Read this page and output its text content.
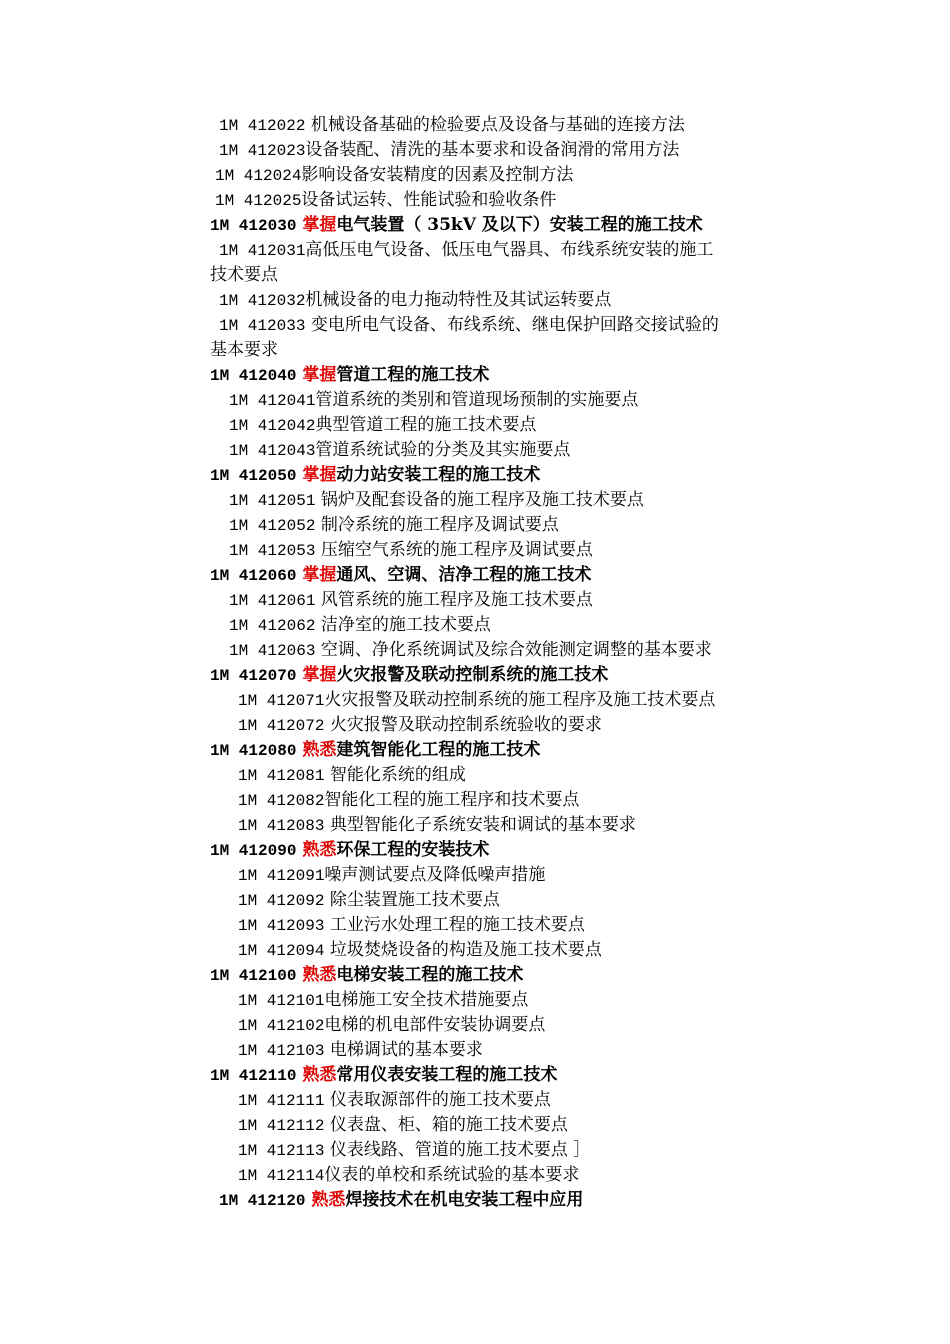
1M 412022 机械设备基础的检验要点及设备与基础的连接方法
1M 412023设备装配、清洗的基本要求和设备润滑的常用方法
1M 412024影响设备安装精度的因素及控制方法
1M 412025设备试运转、性能试验和验收条件
1M 412030 掌握电气装置（ 35kV 及以下）安装工程的施工技术
1M 412031高低压电气设备、低压电气器具、布线系统安装的施工
技术要点
1M 412032机械设备的电力拖动特性及其试运转要点
1M 412033 变电所电气设备、布线系统、继电保护回路交接试验的
基本要求
1M 412040 掌握管道工程的施工技术
1M 412041管道系统的类别和管道现场预制的实施要点
1M 412042典型管道工程的施工技术要点
1M 412043管道系统试验的分类及其实施要点
1M 412050 掌握动力站安装工程的施工技术
1M 412051 锅炉及配套设备的施工程序及施工技术要点
1M 412052 制冷系统的施工程序及调试要点
1M 412053 压缩空气系统的施工程序及调试要点
1M 412060 掌握通风、空调、洁净工程的施工技术
1M 412061 风管系统的施工程序及施工技术要点
1M 412062 洁净室的施工技术要点
1M 412063 空调、净化系统调试及综合效能测定调整的基本要求
1M 412070 掌握火灾报警及联动控制系统的施工技术
1M 412071火灾报警及联动控制系统的施工程序及施工技术要点
1M 412072 火灾报警及联动控制系统验收的要求
1M 412080 熟悉建筑智能化工程的施工技术
1M 412081 智能化系统的组成
1M 412082智能化工程的施工程序和技术要点
1M 412083 典型智能化子系统安装和调试的基本要求
1M 412090 熟悉环保工程的安装技术
1M 412091噪声测试要点及降低噪声措施
1M 412092 除尘装置施工技术要点
1M 412093 工业污水处理工程的施工技术要点
1M 412094 垃圾焚烧设备的构造及施工技术要点
1M 412100 熟悉电梯安装工程的施工技术
1M 412101电梯施工安全技术措施要点
1M 412102电梯的机电部件安装协调要点
1M 412103 电梯调试的基本要求
1M 412110 熟悉常用仪表安装工程的施工技术
1M 412111 仪表取源部件的施工技术要点
1M 412112 仪表盘、柜、箱的施工技术要点
1M 412113 仪表线路、管道的施工技术要点 ］
1M 412114仪表的单校和系统试验的基本要求
1M 412120 熟悉焊接技术在机电安装工程中应用
